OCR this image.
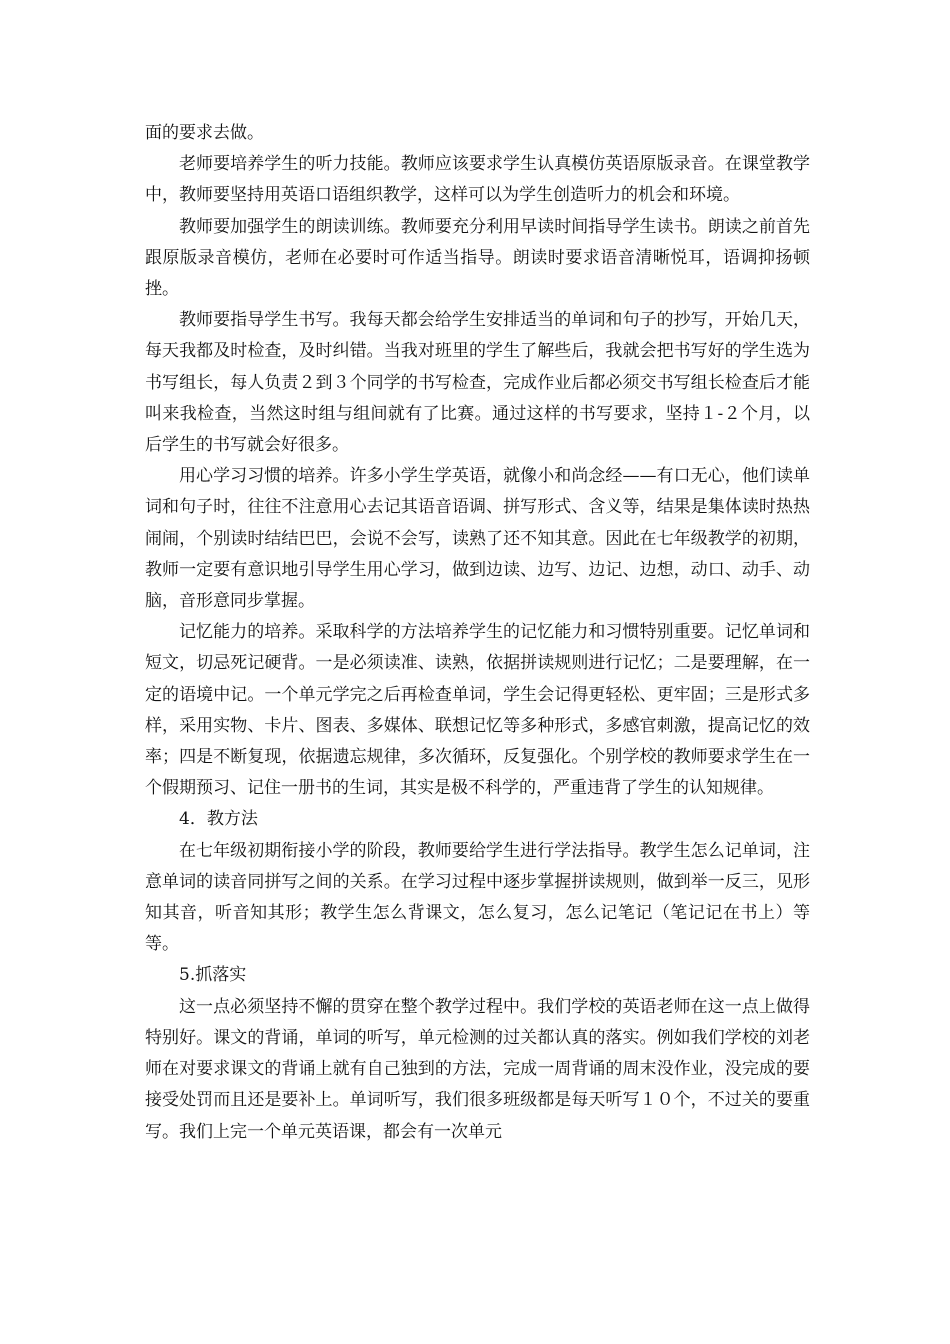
面的要求去做。

老师要培养学生的听力技能。教师应该要求学生认真模仿英语原版录音。在课堂教学中，教师要坚持用英语口语组织教学，这样可以为学生创造听力的机会和环境。

教师要加强学生的朗读训练。教师要充分利用早读时间指导学生读书。朗读之前首先跟原版录音模仿，老师在必要时可作适当指导。朗读时要求语音清晰悦耳，语调抑扬顿挫。

教师要指导学生书写。我每天都会给学生安排适当的单词和句子的抄写，开始几天，每天我都及时检查，及时纠错。当我对班里的学生了解些后，我就会把书写好的学生选为书写组长，每人负责２到３个同学的书写检查，完成作业后都必须交书写组长检查后才能叫来我检查，当然这时组与组间就有了比赛。通过这样的书写要求，坚持１-２个月，以后学生的书写就会好很多。

用心学习习惯的培养。许多小学生学英语，就像小和尚念经——有口无心，他们读单词和句子时，往往不注意用心去记其语音语调、拼写形式、含义等，结果是集体读时热热闹闹，个别读时结结巴巴，会说不会写，读熟了还不知其意。因此在七年级教学的初期，教师一定要有意识地引导学生用心学习，做到边读、边写、边记、边想，动口、动手、动脑，音形意同步掌握。

记忆能力的培养。采取科学的方法培养学生的记忆能力和习惯特别重要。记忆单词和短文，切忌死记硬背。一是必须读准、读熟，依据拼读规则进行记忆；二是要理解，在一定的语境中记。一个单元学完之后再检查单词，学生会记得更轻松、更牢固；三是形式多样，采用实物、卡片、图表、多媒体、联想记忆等多种形式，多感官刺激，提高记忆的效率；四是不断复现，依据遗忘规律，多次循环，反复强化。个别学校的教师要求学生在一个假期预习、记住一册书的生词，其实是极不科学的，严重违背了学生的认知规律。

4．教方法

在七年级初期衔接小学的阶段，教师要给学生进行学法指导。教学生怎么记单词，注意单词的读音同拼写之间的关系。在学习过程中逐步掌握拼读规则，做到举一反三，见形知其音，听音知其形；教学生怎么背课文，怎么复习，怎么记笔记（笔记记在书上）等等。

5.抓落实

这一点必须坚持不懈的贯穿在整个教学过程中。我们学校的英语老师在这一点上做得特别好。课文的背诵，单词的听写，单元检测的过关都认真的落实。例如我们学校的刘老师在对要求课文的背诵上就有自己独到的方法，完成一周背诵的周末没作业，没完成的要接受处罚而且还是要补上。单词听写，我们很多班级都是每天听写１０个，不过关的要重写。我们上完一个单元英语课，都会有一次单元
